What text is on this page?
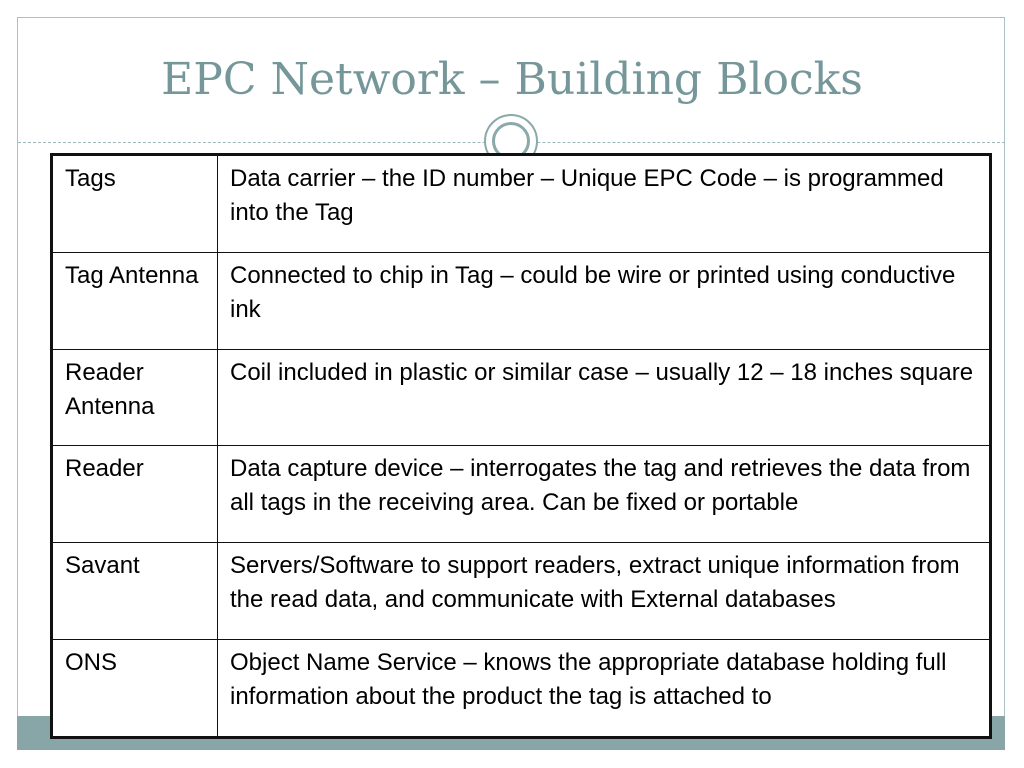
EPC Network – Building Blocks
Tags	Data carrier – the ID number – Unique EPC Code – is programmed into the Tag
Tag Antenna	Connected to chip in Tag – could be wire or printed using conductive ink
Reader Antenna	Coil included in plastic or similar case – usually 12 – 18 inches square
Reader	Data capture device – interrogates the tag and retrieves the data from all tags in the receiving area. Can be fixed or portable
Savant	Servers/Software to support readers, extract unique information from the read data, and communicate with External databases
ONS	Object Name Service – knows the appropriate database holding full information about the product the tag is attached to
